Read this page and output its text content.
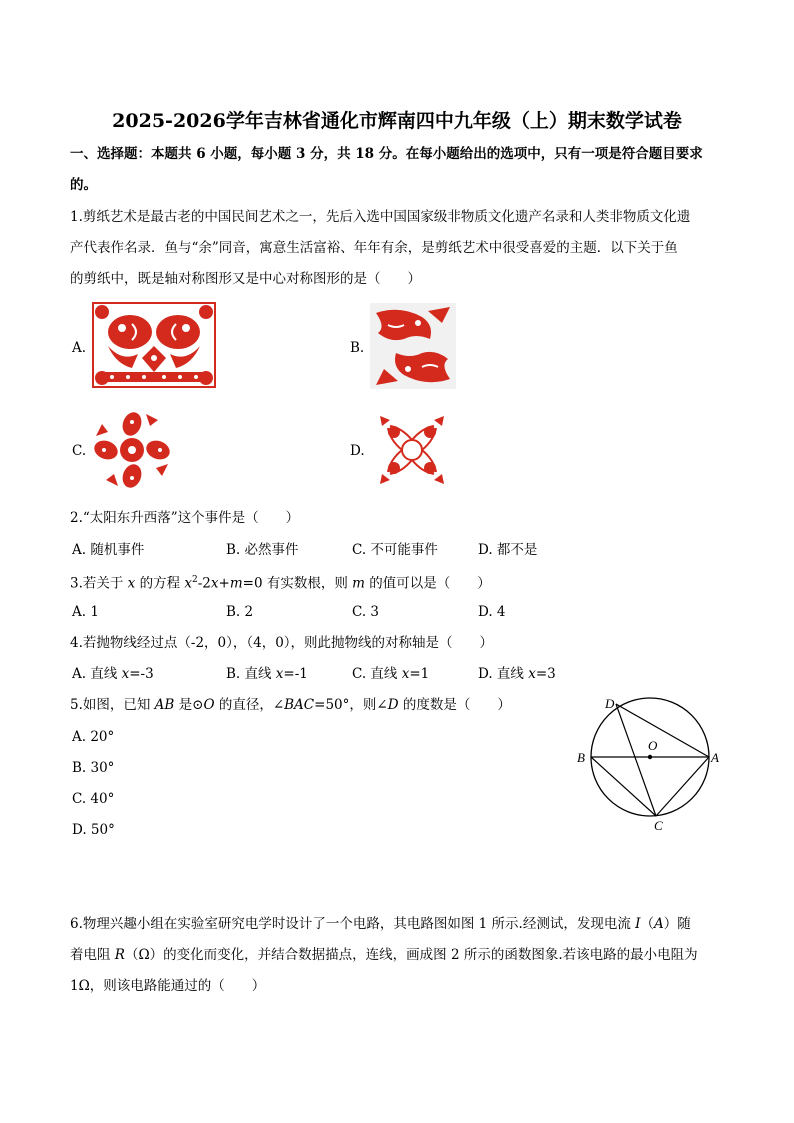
2025-2026学年吉林省通化市辉南四中九年级（上）期末数学试卷
一、选择题：本题共 6 小题，每小题 3 分，共 18 分。在每小题给出的选项中，只有一项是符合题目要求
的。
1.剪纸艺术是最古老的中国民间艺术之一，先后入选中国国家级非物质文化遗产名录和人类非物质文化遗
产代表作名录．鱼与“余”同音，寓意生活富裕、年年有余，是剪纸艺术中很受喜爱的主题．以下关于鱼
的剪纸中，既是轴对称图形又是中心对称图形的是（　　）
A.	B.
C.	D.
2.“太阳东升西落”这个事件是（　　）
A. 随机事件	B. 必然事件	C. 不可能事件	D. 都不是
3.若关于 x 的方程 $x^2-2x+m=0$ 有实数根，则 m 的值可以是（　　）
A. 1	B. 2	C. 3	D. 4
4.若抛物线经过点（-2，0），（4，0），则此抛物线的对称轴是（　　）
A. 直线 x=-3	B. 直线 x=-1	C. 直线 x=1	D. 直线 x=3
5.如图，已知 AB 是⊙O 的直径，∠BAC=50°，则∠D 的度数是（　　）
A. 20°
B. 30°
C. 40°
D. 50°
D
O
B	A
C
6.物理兴趣小组在实验室研究电学时设计了一个电路，其电路图如图 1 所示.经测试，发现电流 I（A）随
着电阻 R（Ω）的变化而变化，并结合数据描点，连线，画成图 2 所示的函数图象.若该电路的最小电阻为
1Ω，则该电路能通过的（　　）
